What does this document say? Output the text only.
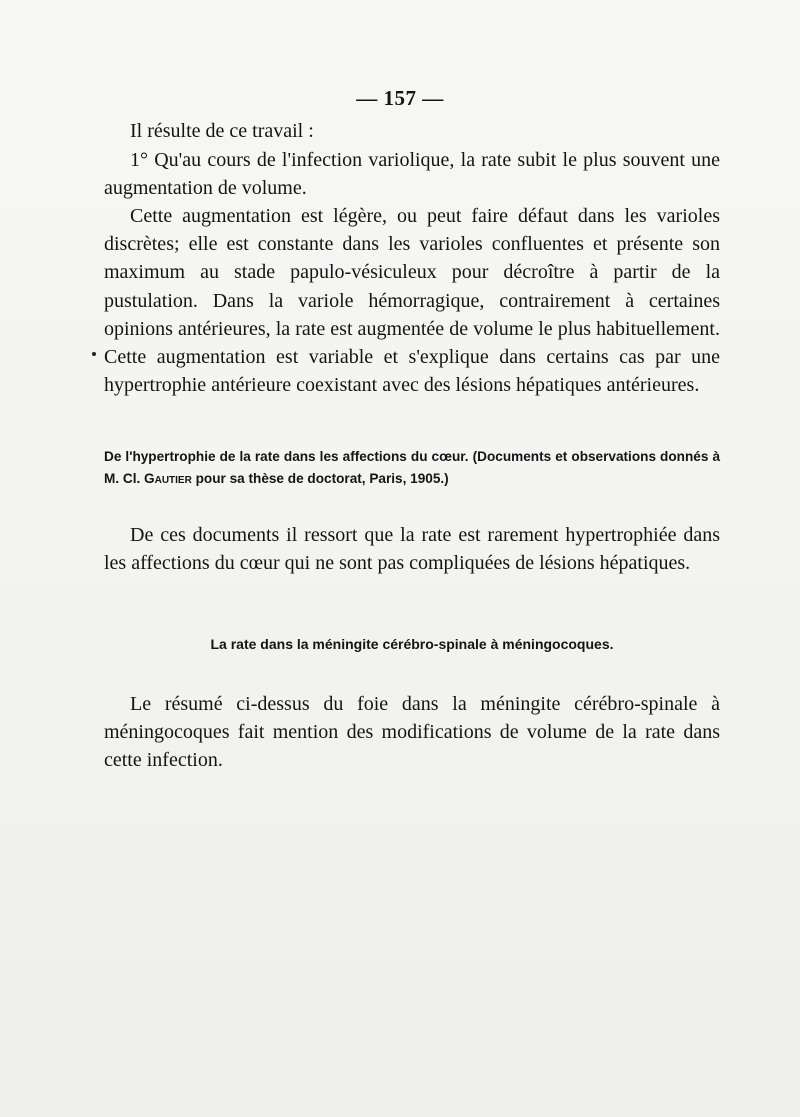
— 157 —
Il résulte de ce travail :
1° Qu'au cours de l'infection variolique, la rate subit le plus souvent une augmentation de volume.
Cette augmentation est légère, ou peut faire défaut dans les varioles discrètes; elle est constante dans les varioles confluentes et présente son maximum au stade papulo-vésiculeux pour décroître à partir de la pustulation. Dans la variole hémorragique, contrairement à certaines opinions antérieures, la rate est augmentée de volume le plus habituellement. Cette augmentation est variable et s'explique dans certains cas par une hypertrophie antérieure coexistant avec des lésions hépatiques antérieures.
De l'hypertrophie de la rate dans les affections du cœur. (Documents et observations donnés à M. Cl. Gautier pour sa thèse de doctorat, Paris, 1905.)
De ces documents il ressort que la rate est rarement hypertrophiée dans les affections du cœur qui ne sont pas compliquées de lésions hépatiques.
La rate dans la méningite cérébro-spinale à méningocoques.
Le résumé ci-dessus du foie dans la méningite cérébro-spinale à méningocoques fait mention des modifications de volume de la rate dans cette infection.
